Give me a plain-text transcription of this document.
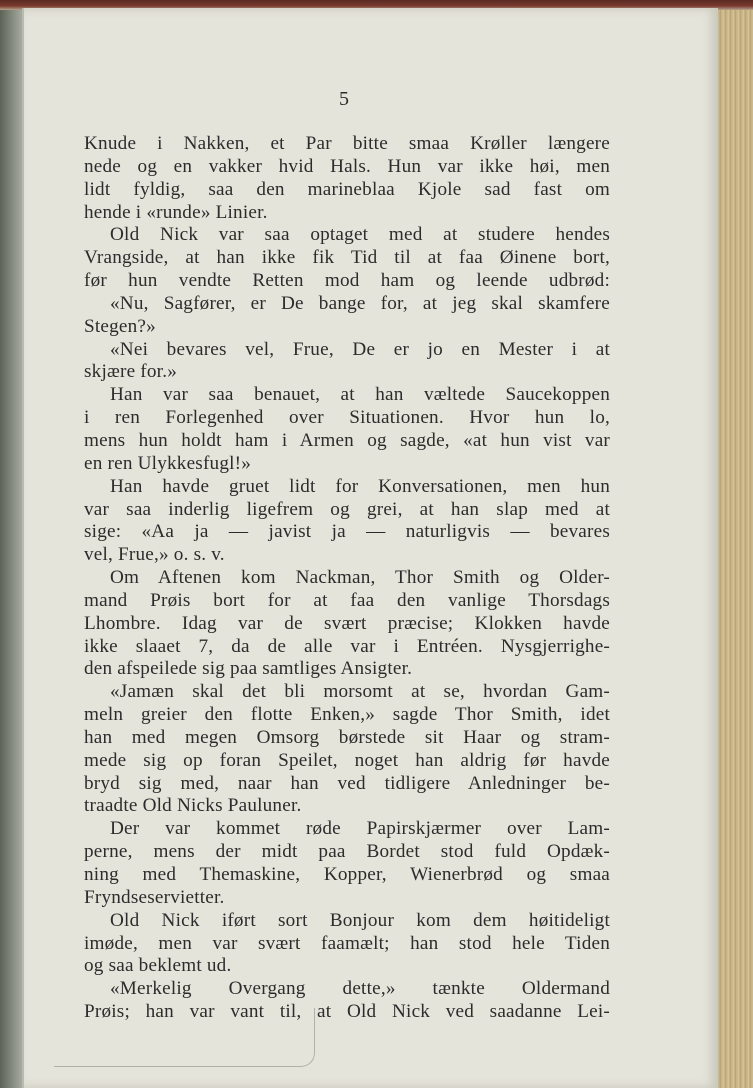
5
Knude i Nakken, et Par bitte smaa Krøller længere
nede og en vakker hvid Hals. Hun var ikke høi, men
lidt fyldig, saa den marineblaa Kjole sad fast om
hende i «runde» Linier.
Old Nick var saa optaget med at studere hendes
Vrangside, at han ikke fik Tid til at faa Øinene bort,
før hun vendte Retten mod ham og leende udbrød:
«Nu, Sagfører, er De bange for, at jeg skal skamfere
Stegen?»
«Nei bevares vel, Frue, De er jo en Mester i at
skjære for.»
Han var saa benauet, at han væltede Saucekoppen
i ren Forlegenhed over Situationen. Hvor hun lo,
mens hun holdt ham i Armen og sagde, «at hun vist var
en ren Ulykkesfugl!»
Han havde gruet lidt for Konversationen, men hun
var saa inderlig ligefrem og grei, at han slap med at
sige: «Aa ja — javist ja — naturligvis — bevares
vel, Frue,» o. s. v.
Om Aftenen kom Nackman, Thor Smith og Older-
mand Prøis bort for at faa den vanlige Thorsdags
Lhombre. Idag var de svært præcise; Klokken havde
ikke slaaet 7, da de alle var i Entréen. Nysgjerrighe-
den afspeilede sig paa samtliges Ansigter.
«Jamæn skal det bli morsomt at se, hvordan Gam-
meln greier den flotte Enken,» sagde Thor Smith, idet
han med megen Omsorg børstede sit Haar og stram-
mede sig op foran Speilet, noget han aldrig før havde
bryd sig med, naar han ved tidligere Anledninger be-
traadte Old Nicks Pauluner.
Der var kommet røde Papirskjærmer over Lam-
perne, mens der midt paa Bordet stod fuld Opdæk-
ning med Themaskine, Kopper, Wienerbrød og smaa
Fryndseservietter.
Old Nick iført sort Bonjour kom dem høitideligt
imøde, men var svært faamælt; han stod hele Tiden
og saa beklemt ud.
«Merkelig Overgang dette,» tænkte Oldermand
Prøis; han var vant til, at Old Nick ved saadanne Lei-
